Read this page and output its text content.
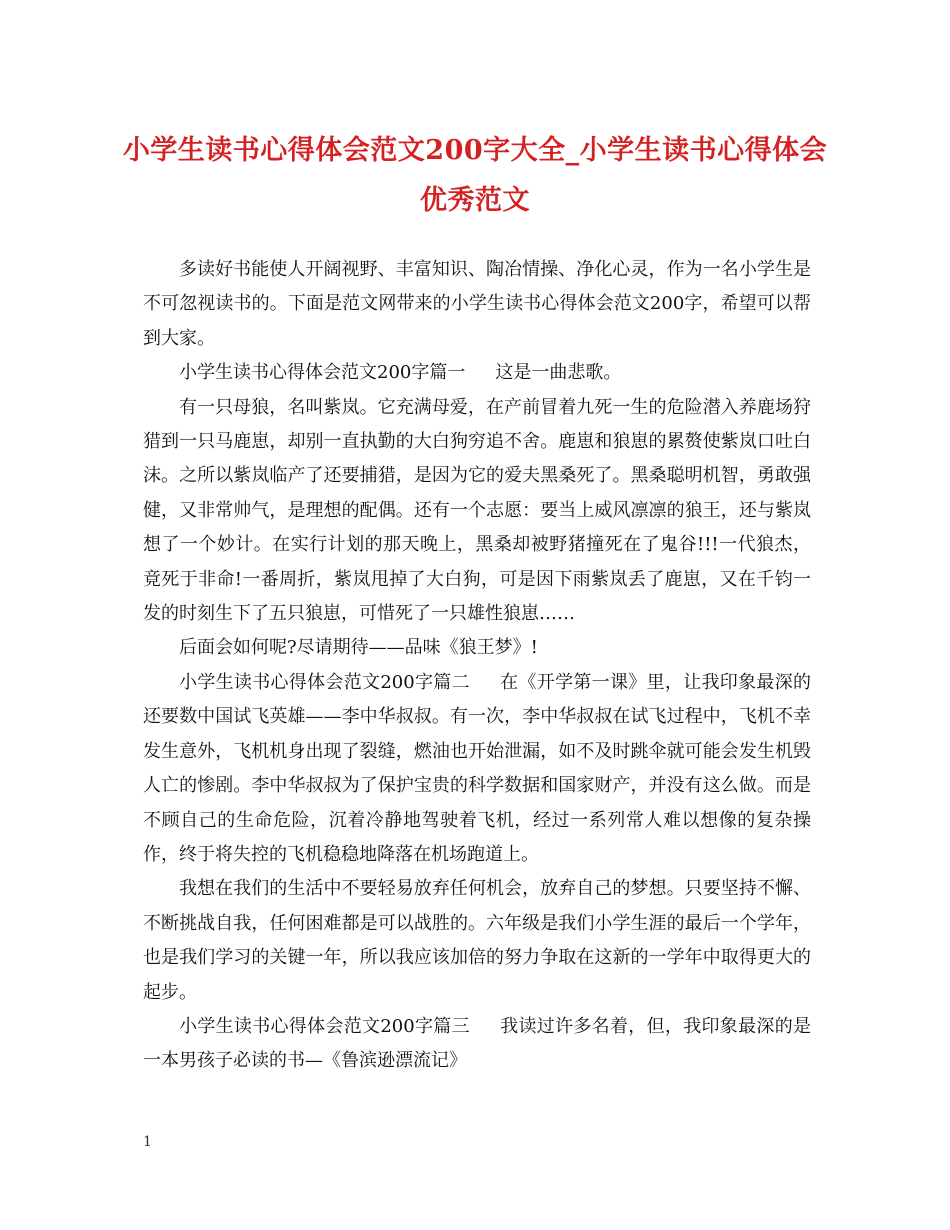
小学生读书心得体会范文200字大全_小学生读书心得体会优秀范文

多读好书能使人开阔视野、丰富知识、陶冶情操、净化心灵，作为一名小学生是不可忽视读书的。下面是范文网带来的小学生读书心得体会范文200字，希望可以帮到大家。

小学生读书心得体会范文200字篇一 这是一曲悲歌。

有一只母狼，名叫紫岚。它充满母爱，在产前冒着九死一生的危险潜入养鹿场狩猎到一只马鹿崽，却别一直执勤的大白狗穷追不舍。鹿崽和狼崽的累赘使紫岚口吐白沫。之所以紫岚临产了还要捕猎，是因为它的爱夫黑桑死了。黑桑聪明机智，勇敢强健，又非常帅气，是理想的配偶。还有一个志愿：要当上威风凛凛的狼王，还与紫岚想了一个妙计。在实行计划的那天晚上，黑桑却被野猪撞死在了鬼谷!!!一代狼杰，竟死于非命!一番周折，紫岚甩掉了大白狗，可是因下雨紫岚丢了鹿崽，又在千钧一发的时刻生下了五只狼崽，可惜死了一只雄性狼崽……

后面会如何呢?尽请期待——品味《狼王梦》!

小学生读书心得体会范文200字篇二 在《开学第一课》里，让我印象最深的还要数中国试飞英雄——李中华叔叔。有一次，李中华叔叔在试飞过程中，飞机不幸发生意外，飞机机身出现了裂缝，燃油也开始泄漏，如不及时跳伞就可能会发生机毁人亡的惨剧。李中华叔叔为了保护宝贵的科学数据和国家财产，并没有这么做。而是不顾自己的生命危险，沉着冷静地驾驶着飞机，经过一系列常人难以想像的复杂操作，终于将失控的飞机稳稳地降落在机场跑道上。

我想在我们的生活中不要轻易放弃任何机会，放弃自己的梦想。只要坚持不懈、不断挑战自我，任何困难都是可以战胜的。六年级是我们小学生涯的最后一个学年，也是我们学习的关键一年，所以我应该加倍的努力争取在这新的一学年中取得更大的起步。

小学生读书心得体会范文200字篇三 我读过许多名着，但，我印象最深的是一本男孩子必读的书—《鲁滨逊漂流记》

1
